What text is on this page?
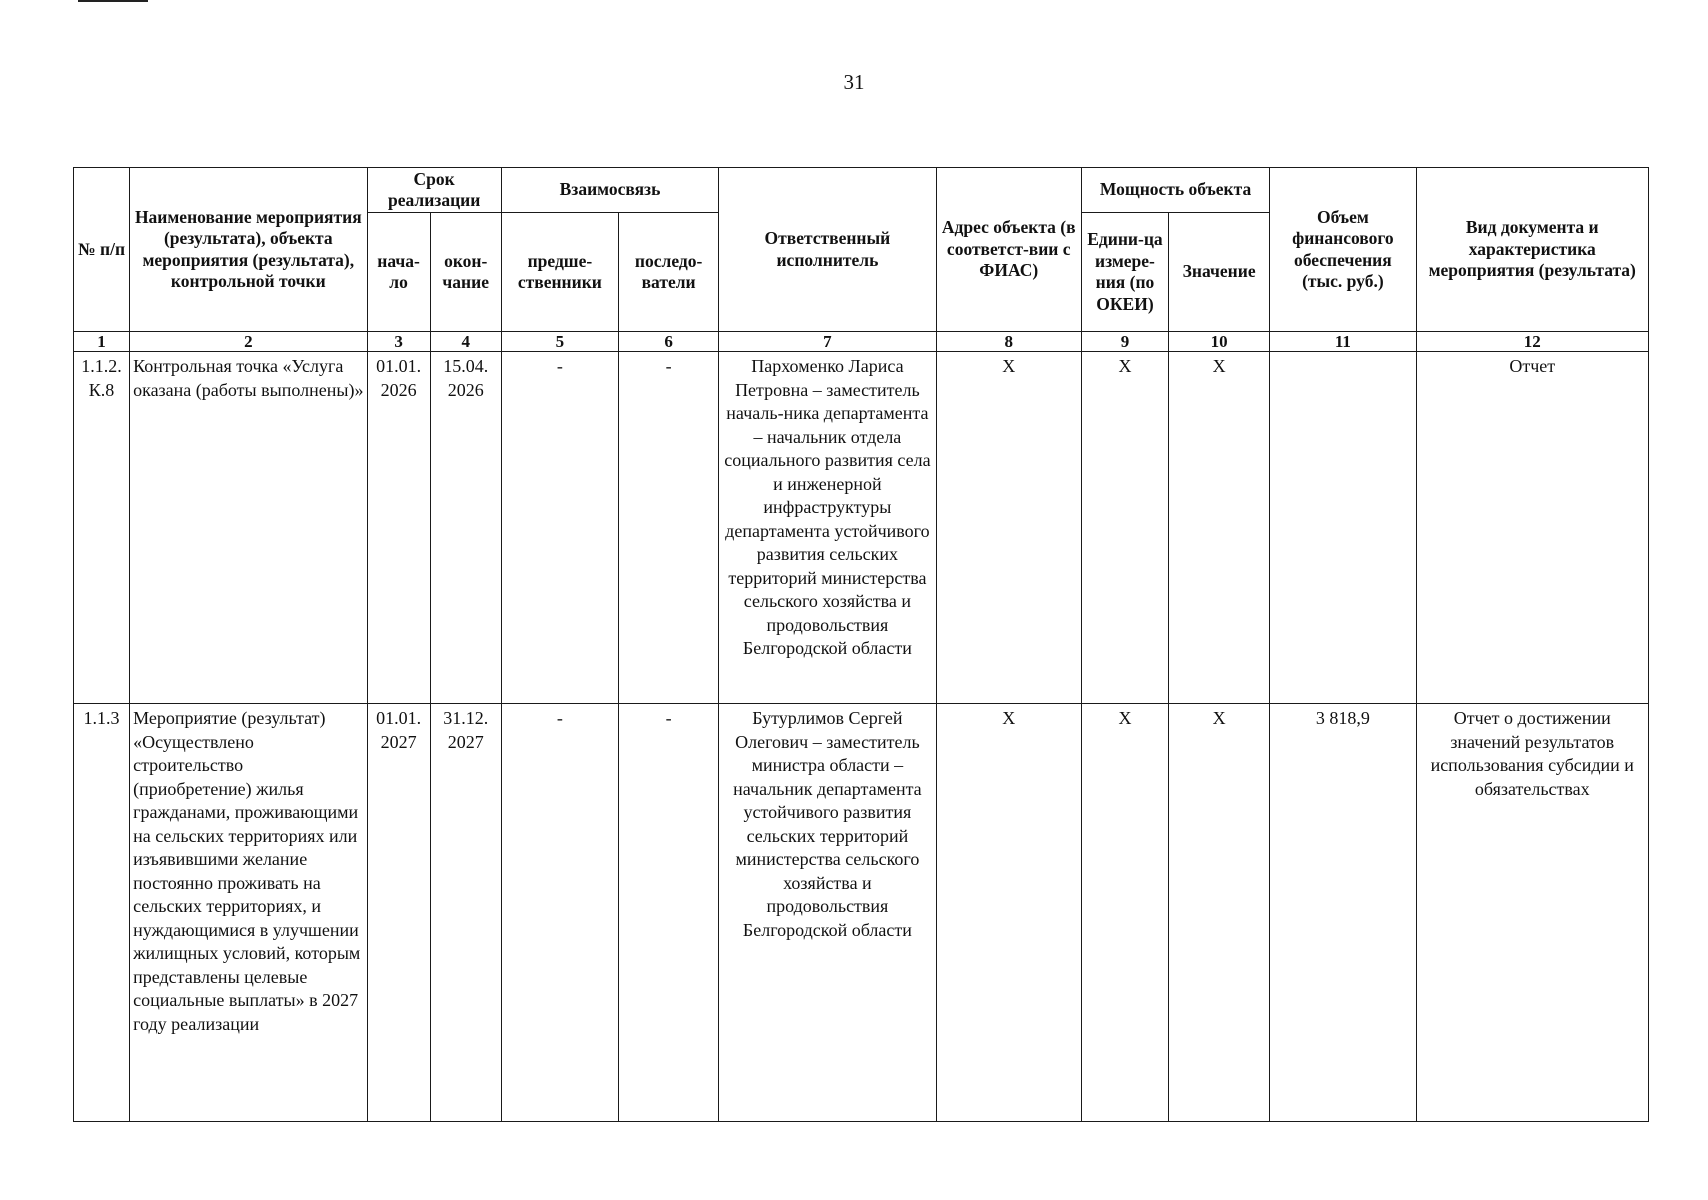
31
№ п/п	Наименование мероприятия (результата), объекта мероприятия (результата), контрольной точки	Срок реализации		Взаимосвязь		Ответственный исполнитель	Адрес объекта (в соответст-вии с ФИАС)	Мощность объекта		Объем финансового обеспечения (тыс. руб.)	Вид документа и характеристика мероприятия (результата)
		нача-ло	окон-чание	предше-ственники	последо-ватели			Едини-ца измере-ния (по ОКЕИ)	Значение		
1	2	3	4	5	6	7	8	9	10	11	12
1.1.2. К.8	Контрольная точка «Услуга оказана (работы выполнены)»	01.01. 2026	15.04. 2026	-	-	Пархоменко Лариса Петровна – заместитель началь-ника департамента – начальник отдела социального развития села и инженерной инфраструктуры департамента устойчивого развития сельских территорий министерства сельского хозяйства и продовольствия Белгородской области	Х	Х	Х		Отчет
1.1.3	Мероприятие (результат) «Осуществлено строительство (приобретение) жилья гражданами, проживающими на сельских территориях или изъявившими желание постоянно проживать на сельских территориях, и нуждающимися в улучшении жилищных условий, которым представлены целевые социальные выплаты» в 2027 году реализации	01.01. 2027	31.12. 2027	-	-	Бутурлимов Сергей Олегович – заместитель министра области – начальник департамента устойчивого развития сельских территорий министерства сельского хозяйства и продовольствия Белгородской области	Х	Х	Х	3 818,9	Отчет о достижении значений результатов использования субсидии и обязательствах
